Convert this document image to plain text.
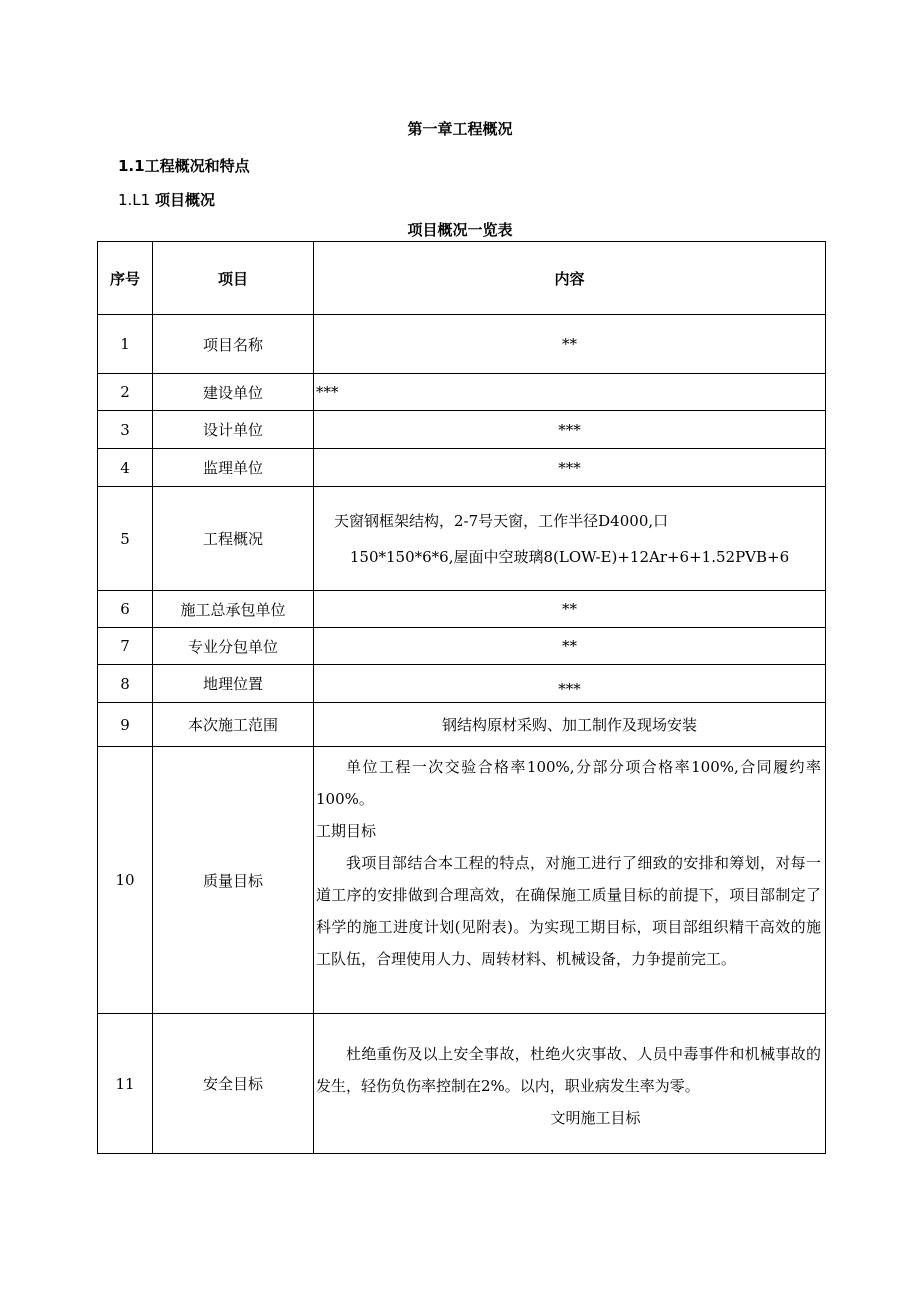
第一章工程概况
1.1工程概况和特点
1.L1 项目概况
项目概况一览表
序号	项目	内容
1	项目名称	**
2	建设单位	***
3	设计单位	***
4	监理单位	***
5	工程概况	天窗钢框架结构，2-7号天窗，工作半径D4000,口
150*150*6*6,屋面中空玻璃8(LOW-E)+12Ar+6+1.52PVB+6

6	施工总承包单位	**
7	专业分包单位	**
8	地理位置	***
9	本次施工范围	钢结构原材采购、加工制作及现场安装
10	质量目标	单位工程一次交验合格率100%,分部分项合格率100%,合同履约率100%。
工期目标
我项目部结合本工程的特点，对施工进行了细致的安排和筹划，对每一道工序的安排做到合理高效，在确保施工质量目标的前提下，项目部制定了科学的施工进度计划(见附表)。为实现工期目标，项目部组织精干高效的施工队伍，合理使用人力、周转材料、机械设备，力争提前完工。

11	安全目标	杜绝重伤及以上安全事故，杜绝火灾事故、人员中毒事件和机械事故的发生，轻伤负伤率控制在2%。以内，职业病发生率为零。
文明施工目标
